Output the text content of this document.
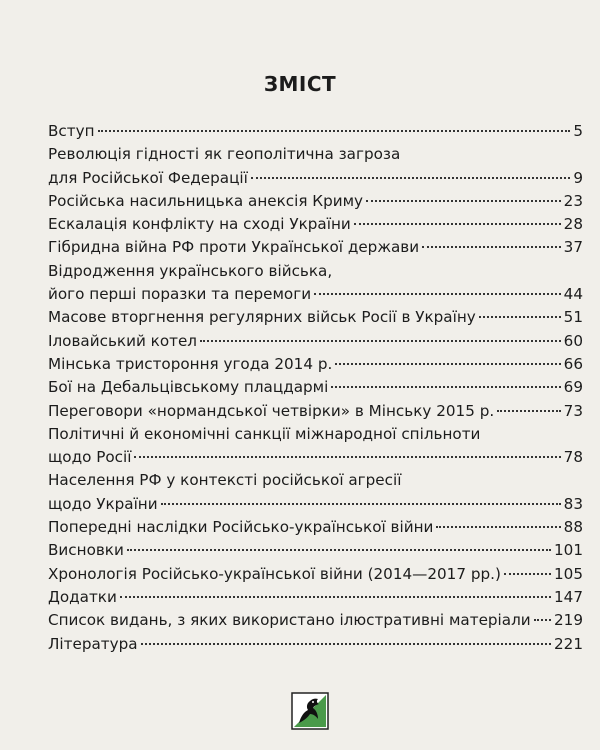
ЗМІСТ
Вступ	5
Революція гідності як геополітична загроза
для Російської Федерації	9
Російська насильницька анексія Криму	23
Ескалація конфлікту на сході України	28
Гібридна війна РФ проти Української держави	37
Відродження українського війська,
його перші поразки та перемоги	44
Масове вторгнення регулярних військ Росії в Україну	51
Іловайський котел	60
Мінська тристороння угода 2014 р.	66
Бої на Дебальцівському плацдармі	69
Переговори «нормандської четвірки» в Мінську 2015 р.	73
Політичні й економічні санкції міжнародної спільноти
щодо Росії	78
Населення РФ у контексті російської агресії
щодо України	83
Попередні наслідки Російсько-української війни	88
Висновки	101
Хронологія Російсько-української війни (2014—2017 рр.)	105
Додатки	147
Список видань, з яких використано ілюстративні матеріали 219
Література	221
